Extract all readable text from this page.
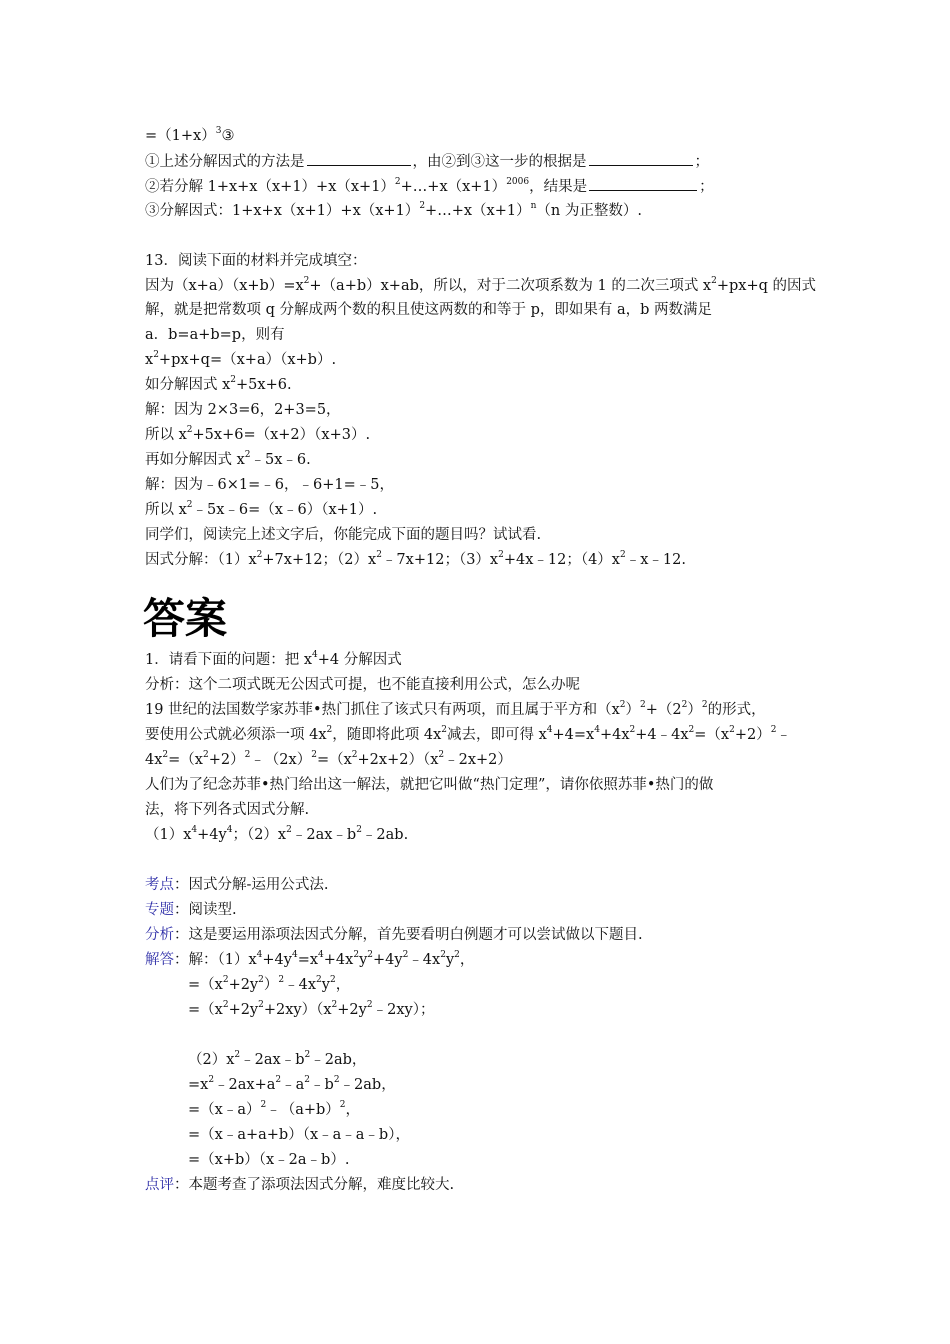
$=(1+x)^3③$
①上述分解因式的方法是	，由②到③这一步的根据是	；
②若分解 $1+x+x(x+1)+x(x+1)^2+\dots+x(x+1)^{2006}$，结果是	；
③分解因式：$1+x+x(x+1)+x(x+1)^2+\dots+x(x+1)^n(n$ 为正整数）.
13．阅读下面的材料并完成填空：
因为$(x+a)(x+b)=x^2+(a+b)x+ab$，所以，对于二次项系数为 1 的二次三项式 $x^2+px+q$ 的因式
解，就是把常数项 q 分解成两个数的积且使这两数的和等于 p，即如果有 a，b 两数满足
a．b=a+b=p，则有
$x^2+px+q=(x+a)(x+b)$.
如分解因式 $x^2+5x+6$.
解：因为 2×3=6，2+3=5，
所以 $x^2+5x+6=(x+2)(x+3)$.
再如分解因式 $x^2﹣5x﹣6$.
解：因为﹣6×1=﹣6，﹣6+1=﹣5，
所以 $x^2﹣5x﹣6=(x﹣6)(x+1)$.
同学们，阅读完上述文字后，你能完成下面的题目吗？试试看.
因式分解：$(1)x^2+7x+12$；$(2)x^2﹣7x+12$；$(3)x^2+4x﹣12$；$(4)x^2﹣x﹣12$.
答案
1．请看下面的问题：把 $x^4+4$ 分解因式
分析：这个二项式既无公因式可提，也不能直接利用公式，怎么办呢
19 世纪的法国数学家苏菲•热门抓住了该式只有两项，而且属于平方和$(x^2)^2+(2^2)^2$的形式，
要使用公式就必须添一项 $4x^2$，随即将此项 $4x^2$减去，即可得 $x^4+4=x^4+4x^2+4﹣4x^2=(x^2+2)^2﹣$
$4x^2=(x^2+2)^2﹣(2x)^2=(x^2+2x+2)(x^2﹣2x+2)$
人们为了纪念苏菲•热门给出这一解法，就把它叫做“热门定理”，请你依照苏菲•热门的做
法，将下列各式因式分解.
$(1)x^4+4y^4$；$(2)x^2﹣2ax﹣b^2﹣2ab$.
考点：因式分解-运用公式法.
专题：阅读型.
分析：这是要运用添项法因式分解，首先要看明白例题才可以尝试做以下题目.
解答：解：$(1)x^4+4y^4=x^4+4x^2y^2+4y^2﹣4x^2y^2$，
$=(x^2+2y^2)^2﹣4x^2y^2$，
$=(x^2+2y^2+2xy)(x^2+2y^2﹣2xy)$；
$(2)x^2﹣2ax﹣b^2﹣2ab$，
$=x^2﹣2ax+a^2﹣a^2﹣b^2﹣2ab$，
$=(x﹣a)^2﹣(a+b)^2$，
=（x﹣a+a+b）（x﹣a﹣a﹣b），
=（x+b）（x﹣2a﹣b）.
点评：本题考查了添项法因式分解，难度比较大.
